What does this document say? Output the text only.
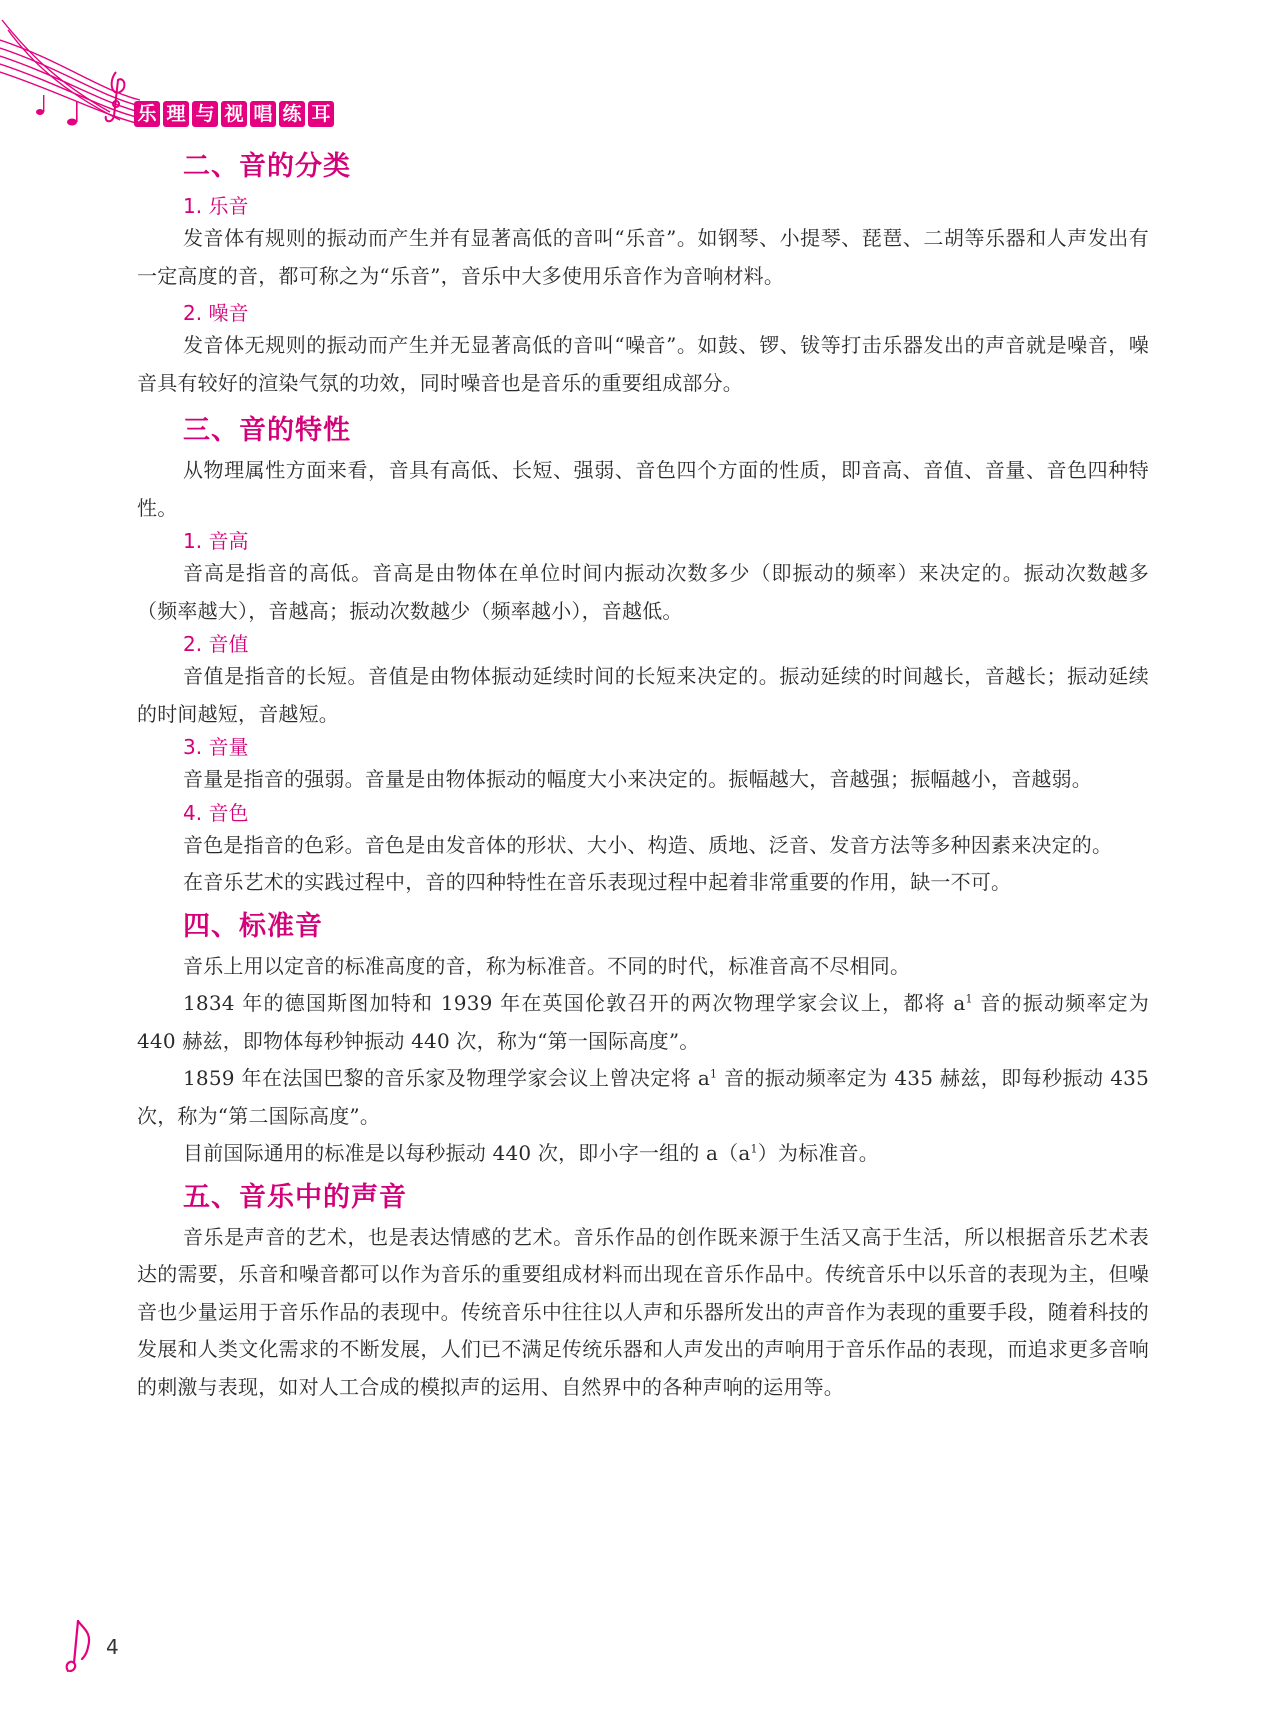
乐 理 与 视 唱 练 耳
二、音的分类
1. 乐音

发音体有规则的振动而产生并有显著高低的音叫“乐音”。如钢琴、小提琴、琵琶、二胡等乐器和人声发出有一定高度的音，都可称之为“乐音”，音乐中大多使用乐音作为音响材料。

2. 噪音

发音体无规则的振动而产生并无显著高低的音叫“噪音”。如鼓、锣、钹等打击乐器发出的声音就是噪音，噪音具有较好的渲染气氛的功效，同时噪音也是音乐的重要组成部分。

三、音的特性

从物理属性方面来看，音具有高低、长短、强弱、音色四个方面的性质，即音高、音值、音量、音色四种特性。

1. 音高

音高是指音的高低。音高是由物体在单位时间内振动次数多少（即振动的频率）来决定的。振动次数越多（频率越大），音越高；振动次数越少（频率越小），音越低。

2. 音值

音值是指音的长短。音值是由物体振动延续时间的长短来决定的。振动延续的时间越长，音越长；振动延续的时间越短，音越短。

3. 音量

音量是指音的强弱。音量是由物体振动的幅度大小来决定的。振幅越大，音越强；振幅越小，音越弱。

4. 音色

音色是指音的色彩。音色是由发音体的形状、大小、构造、质地、泛音、发音方法等多种因素来决定的。

在音乐艺术的实践过程中，音的四种特性在音乐表现过程中起着非常重要的作用，缺一不可。

四、标准音

音乐上用以定音的标准高度的音，称为标准音。不同的时代，标准音高不尽相同。

1834 年的德国斯图加特和 1939 年在英国伦敦召开的两次物理学家会议上，都将 $a^1$ 音的振动频率定为 440 赫兹，即物体每秒钟振动 440 次，称为“第一国际高度”。

1859 年在法国巴黎的音乐家及物理学家会议上曾决定将 $a^1$ 音的振动频率定为 435 赫兹，即每秒振动 435 次，称为“第二国际高度”。

目前国际通用的标准是以每秒振动 440 次，即小字一组的 $a(a^1)$为标准音。

五、音乐中的声音

音乐是声音的艺术，也是表达情感的艺术。音乐作品的创作既来源于生活又高于生活，所以根据音乐艺术表达的需要，乐音和噪音都可以作为音乐的重要组成材料而出现在音乐作品中。传统音乐中以乐音的表现为主，但噪音也少量运用于音乐作品的表现中。传统音乐中往往以人声和乐器所发出的声音作为表现的重要手段，随着科技的发展和人类文化需求的不断发展，人们已不满足传统乐器和人声发出的声响用于音乐作品的表现，而追求更多音响的刺激与表现，如对人工合成的模拟声的运用、自然界中的各种声响的运用等。

4
